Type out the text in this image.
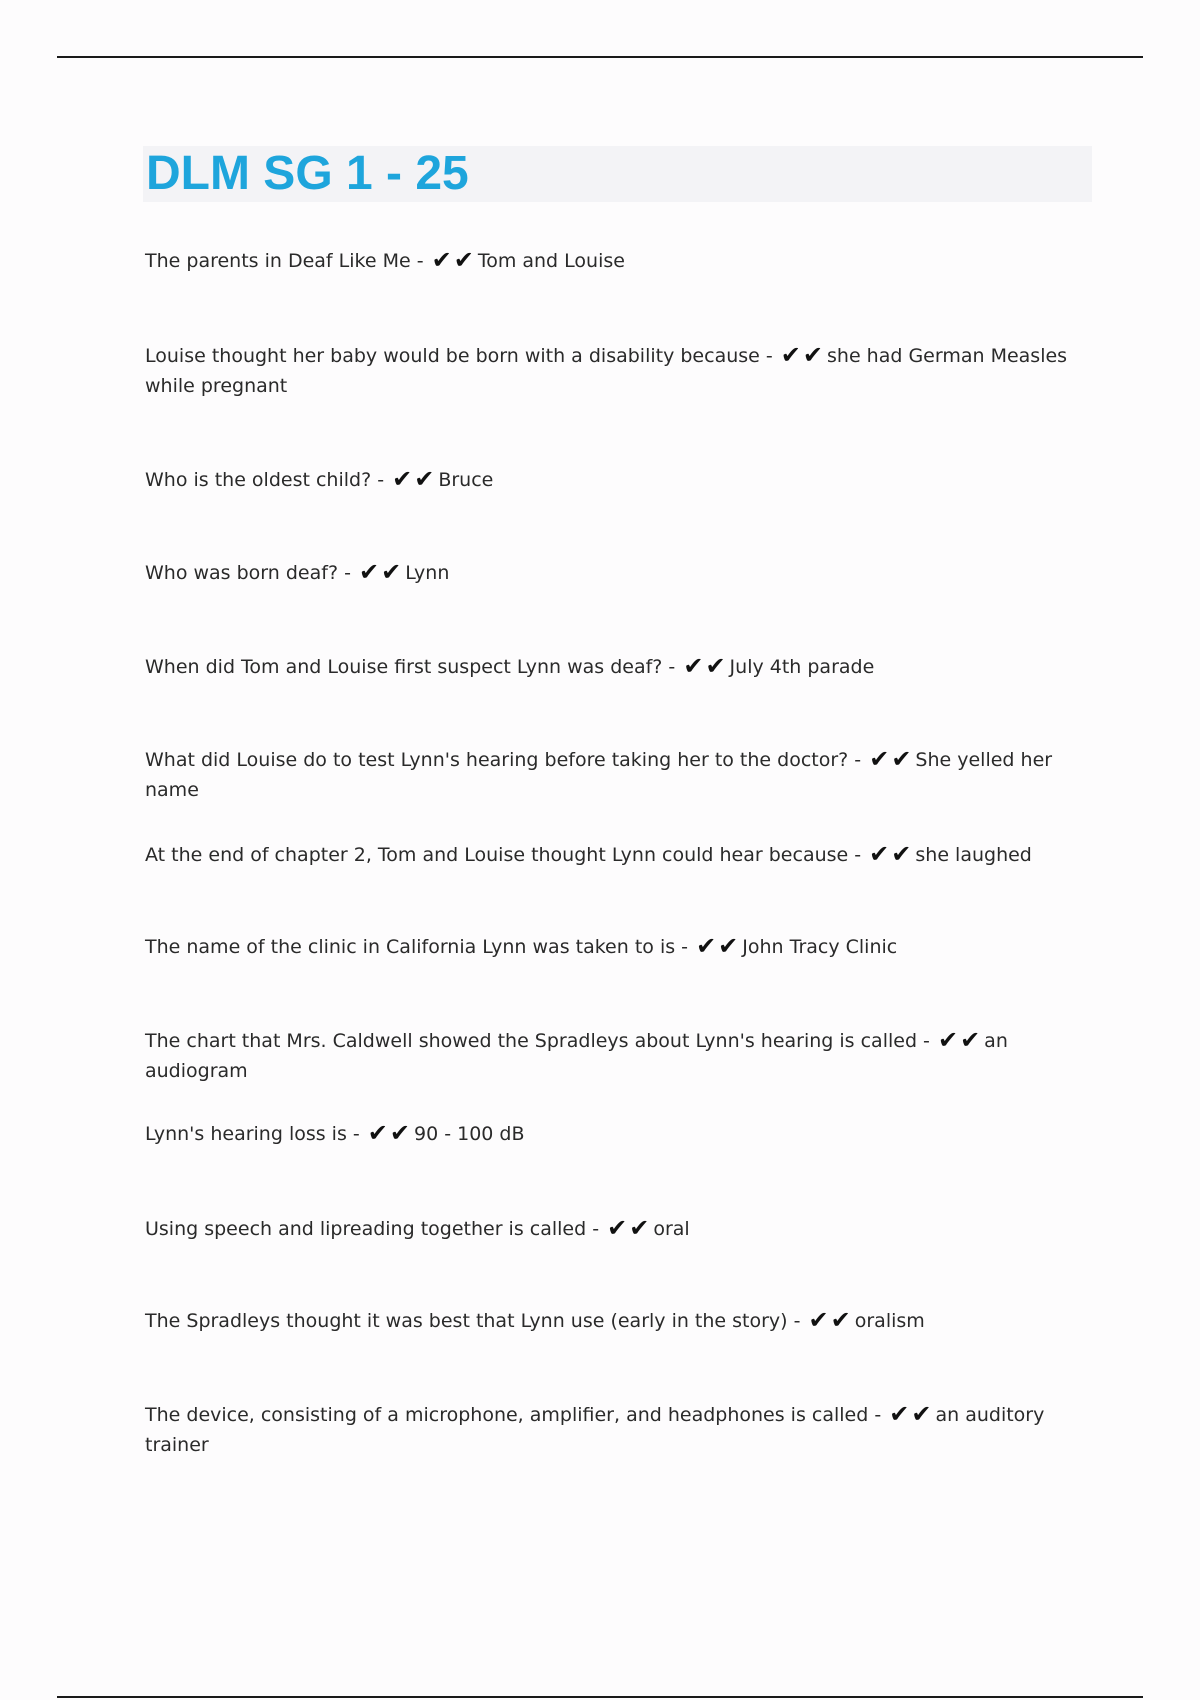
DLM SG 1 - 25
The parents in Deaf Like Me - ✔✔ Tom and Louise
Louise thought her baby would be born with a disability because - ✔✔ she had German Measles while pregnant
Who is the oldest child? - ✔✔ Bruce
Who was born deaf? - ✔✔ Lynn
When did Tom and Louise first suspect Lynn was deaf? - ✔✔ July 4th parade
What did Louise do to test Lynn's hearing before taking her to the doctor? - ✔✔ She yelled her name
At the end of chapter 2, Tom and Louise thought Lynn could hear because - ✔✔ she laughed
The name of the clinic in California Lynn was taken to is - ✔✔ John Tracy Clinic
The chart that Mrs. Caldwell showed the Spradleys about Lynn's hearing is called - ✔✔ an audiogram
Lynn's hearing loss is - ✔✔ 90 - 100 dB
Using speech and lipreading together is called - ✔✔ oral
The Spradleys thought it was best that Lynn use (early in the story) - ✔✔ oralism
The device, consisting of a microphone, amplifier, and headphones is called - ✔✔ an auditory trainer
